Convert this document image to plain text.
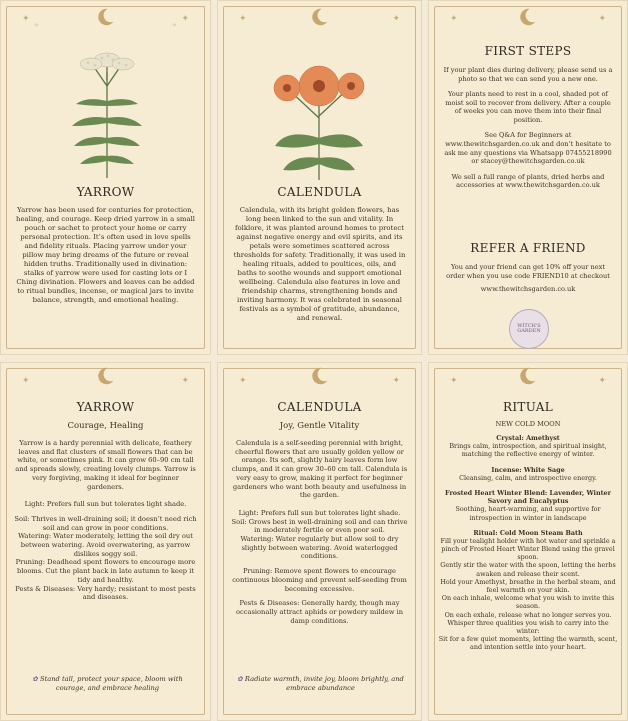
✦	✦
✧	✧
YARROW
Yarrow has been used for centuries for protection, healing, and courage. Keep dried yarrow in a small pouch or sachet to protect your home or carry personal protection. It’s often used in love spells and fidelity rituals. Placing yarrow under your pillow may bring dreams of the future or reveal hidden truths. Traditionally used in divination: stalks of yarrow were used for casting lots or I Ching divination. Flowers and leaves can be added to ritual bundles, incense, or magical jars to invite balance, strength, and emotional healing.
✦	✦
CALENDULA
Calendula, with its bright golden flowers, has long been linked to the sun and vitality. In folklore, it was planted around homes to protect against negative energy and evil spirits, and its petals were sometimes scattered across thresholds for safety. Traditionally, it was used in healing rituals, added to poultices, oils, and baths to soothe wounds and support emotional wellbeing. Calendula also features in love and friendship charms, strengthening bonds and inviting harmony. It was celebrated in seasonal festivals as a symbol of gratitude, abundance, and renewal.
✦	✦
FIRST STEPS

If your plant dies during delivery, please send us a photo so that we can send you a new one.

Your plants need to rest in a cool, shaded pot of moist soil to recover from delivery. After a couple of weeks you can move them into their final position.

See Q&A for Beginners at www.thewitchsgarden.co.uk and don’t hesitate to ask me any questions via Whatsapp 07455218990 or stacey@thewitchsgarden.co.uk

We sell a full range of plants, dried herbs and accessories at www.thewitchsgarden.co.uk

REFER A FRIEND

You and your friend can get 10% off your next order when you use code FRIEND10 at checkout

www.thewitchsgarden.co.uk

WITCH'S GARDEN
✦	✦
YARROW
Courage, Healing

Yarrow is a hardy perennial with delicate, feathery leaves and flat clusters of small flowers that can be white, or sometimes pink. It can grow 60–90 cm tall and spreads slowly, creating lovely clumps. Yarrow is very forgiving, making it ideal for beginner gardeners.

Light: Prefers full sun but tolerates light shade.

Soil: Thrives in well-draining soil; it doesn’t need rich soil and can grow in poor conditions.

Watering: Water moderately, letting the soil dry out between watering. Avoid overwatering, as yarrow dislikes soggy soil.

Pruning: Deadhead spent flowers to encourage more blooms. Cut the plant back in late autumn to keep it tidy and healthy.

Pests & Diseases: Very hardy; resistant to most pests and diseases.

✿ Stand tall, protect your space, bloom with courage, and embrace healing
✦	✦
CALENDULA
Joy, Gentle Vitality

Calendula is a self-seeding perennial with bright, cheerful flowers that are usually golden yellow or orange. Its soft, slightly hairy leaves form low clumps, and it can grow 30–60 cm tall. Calendula is very easy to grow, making it perfect for beginner gardeners who want both beauty and usefulness in the garden.

Light: Prefers full sun but tolerates light shade.

Soil: Grows best in well-draining soil and can thrive in moderately fertile or even poor soil.

Watering: Water regularly but allow soil to dry slightly between watering. Avoid waterlogged conditions.

Pruning: Remove spent flowers to encourage continuous blooming and prevent self-seeding from becoming excessive.

Pests & Diseases: Generally hardy, though may occasionally attract aphids or powdery mildew in damp conditions.

✿ Radiate warmth, invite joy, bloom brightly, and embrace abundance
✦	✦
RITUAL
NEW COLD MOON

Crystal: Amethyst

Brings calm, introspection, and spiritual insight, matching the reflective energy of winter.

Incense: White Sage

Cleansing, calm, and introspective energy.

Frosted Heart Winter Blend: Lavender, Winter Savory and Eucalyptus

Soothing, heart-warming, and supportive for introspection in winter in landscape

Ritual: Cold Moon Steam Bath

Fill your tealight holder with hot water and sprinkle a pinch of Frosted Heart Winter Blend using the gravel spoon.

Gently stir the water with the spoon, letting the herbs awaken and release their scent.

Hold your Amethyst, breathe in the herbal steam, and feel warmth on your skin.

On each inhale, welcome what you wish to invite this season.

On each exhale, release what no longer serves you. Whisper three qualities you wish to carry into the winter:

Sit for a few quiet moments, letting the warmth, scent, and intention settle into your heart.
